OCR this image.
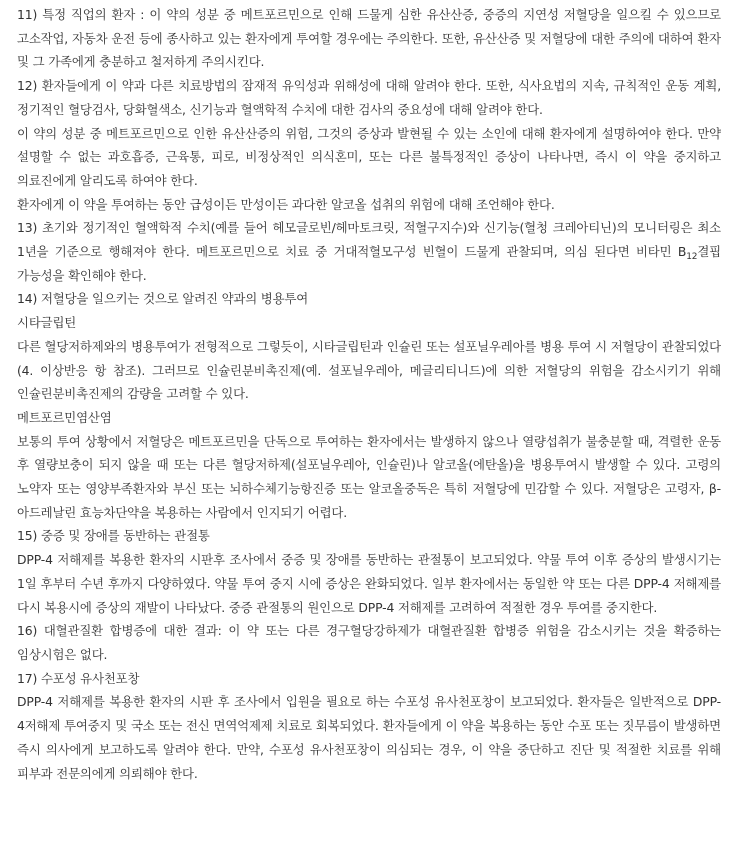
11) 특정 직업의 환자 : 이 약의 성분 중 메트포르민으로 인해 드물게 심한 유산산증, 중증의 지연성 저혈당을 일으킬 수 있으므로 고소작업, 자동차 운전 등에 종사하고 있는 환자에게 투여할 경우에는 주의한다. 또한, 유산산증 및 저혈당에 대한 주의에 대하여 환자 및 그 가족에게 충분하고 철저하게 주의시킨다.

12) 환자들에게 이 약과 다른 치료방법의 잠재적 유익성과 위해성에 대해 알려야 한다. 또한, 식사요법의 지속, 규칙적인 운동 계획, 정기적인 혈당검사, 당화혈색소, 신기능과 혈액학적 수치에 대한 검사의 중요성에 대해 알려야 한다.

이 약의 성분 중 메트포르민으로 인한 유산산증의 위험, 그것의 증상과 발현될 수 있는 소인에 대해 환자에게 설명하여야 한다. 만약 설명할 수 없는 과호흡증, 근육통, 피로, 비정상적인 의식혼미, 또는 다른 불특정적인 증상이 나타나면, 즉시 이 약을 중지하고 의료진에게 알리도록 하여야 한다.

환자에게 이 약을 투여하는 동안 급성이든 만성이든 과다한 알코올 섭취의 위험에 대해 조언해야 한다.

13) 초기와 정기적인 혈액학적 수치(예를 들어 헤모글로빈/헤마토크릿, 적혈구지수)와 신기능(혈청 크레아티닌)의 모니터링은 최소 1년을 기준으로 행해져야 한다. 메트포르민으로 치료 중 거대적혈모구성 빈혈이 드물게 관찰되며, 의심 된다면 비타민 $B_{12}$결핍 가능성을 확인해야 한다.

14) 저혈당을 일으키는 것으로 알려진 약과의 병용투여

시타글립틴

다른 혈당저하제와의 병용투여가 전형적으로 그렇듯이, 시타글립틴과 인슐린 또는 설포닐우레아를 병용 투여 시 저혈당이 관찰되었다(4. 이상반응 항 참조). 그러므로 인슐린분비촉진제(예. 설포닐우레아, 메글리티니드)에 의한 저혈당의 위험을 감소시키기 위해 인슐린분비촉진제의 감량을 고려할 수 있다.

메트포르민염산염

보통의 투여 상황에서 저혈당은 메트포르민을 단독으로 투여하는 환자에서는 발생하지 않으나 열량섭취가 불충분할 때, 격렬한 운동 후 열량보충이 되지 않을 때 또는 다른 혈당저하제(설포닐우레아, 인슐린)나 알코올(에탄올)을 병용투여시 발생할 수 있다. 고령의 노약자 또는 영양부족환자와 부신 또는 뇌하수체기능항진증 또는 알코올중독은 특히 저혈당에 민감할 수 있다. 저혈당은 고령자, β-아드레날린 효능차단약을 복용하는 사람에서 인지되기 어렵다.

15) 중증 및 장애를 동반하는 관절통

DPP-4 저해제를 복용한 환자의 시판후 조사에서 중증 및 장애를 동반하는 관절통이 보고되었다. 약물 투여 이후 증상의 발생시기는 1일 후부터 수년 후까지 다양하였다. 약물 투여 중지 시에 증상은 완화되었다. 일부 환자에서는 동일한 약 또는 다른 DPP-4 저해제를 다시 복용시에 증상의 재발이 나타났다. 중증 관절통의 원인으로 DPP-4 저해제를 고려하여 적절한 경우 투여를 중지한다.

16) 대혈관질환 합병증에 대한 결과: 이 약 또는 다른 경구혈당강하제가 대혈관질환 합병증 위험을 감소시키는 것을 확증하는 임상시험은 없다.

17) 수포성 유사천포창

DPP-4 저해제를 복용한 환자의 시판 후 조사에서 입원을 필요로 하는 수포성 유사천포창이 보고되었다. 환자들은 일반적으로 DPP-4저해제 투여중지 및 국소 또는 전신 면역억제제 치료로 회복되었다. 환자들에게 이 약을 복용하는 동안 수포 또는 짓무름이 발생하면 즉시 의사에게 보고하도록 알려야 한다. 만약, 수포성 유사천포창이 의심되는 경우, 이 약을 중단하고 진단 및 적절한 치료를 위해 피부과 전문의에게 의뢰해야 한다.
